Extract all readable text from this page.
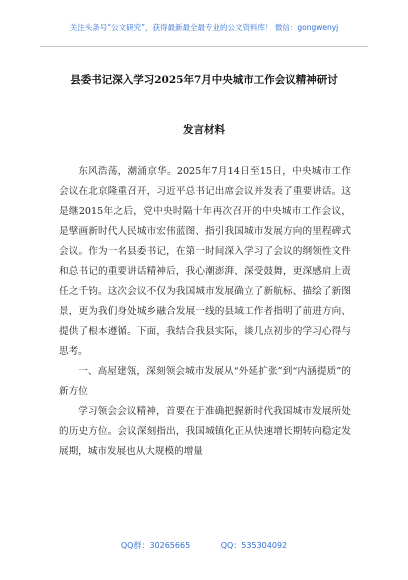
关注头条号“公文研究”，获得最新最全最专业的公文资料库！ 微信：gongwenyj
县委书记深入学习2025年7月中央城市工作会议精神研讨
发言材料

东风浩荡，潮涌京华。2025年7月14日至15日，中央城市工作会议在北京隆重召开，习近平总书记出席会议并发表了重要讲话。这是继2015年之后，党中央时隔十年再次召开的中央城市工作会议，是擘画新时代人民城市宏伟蓝图、指引我国城市发展方向的里程碑式会议。作为一名县委书记，在第一时间深入学习了会议的纲领性文件和总书记的重要讲话精神后，我心潮澎湃、深受鼓舞，更深感肩上责任之千钧。这次会议不仅为我国城市发展确立了新航标、描绘了新图景，更为我们身处城乡融合发展一线的县域工作者指明了前进方向、提供了根本遵循。下面，我结合我县实际，谈几点初步的学习心得与思考。

一、高屋建瓴，深刻领会城市发展从“外延扩张”到“内涵提质”的新方位

学习领会会议精神，首要在于准确把握新时代我国城市发展所处的历史方位。会议深刻指出，我国城镇化正从快速增长期转向稳定发展期，城市发展也从大规模的增量

QQ群：30265665	QQ：535304092
